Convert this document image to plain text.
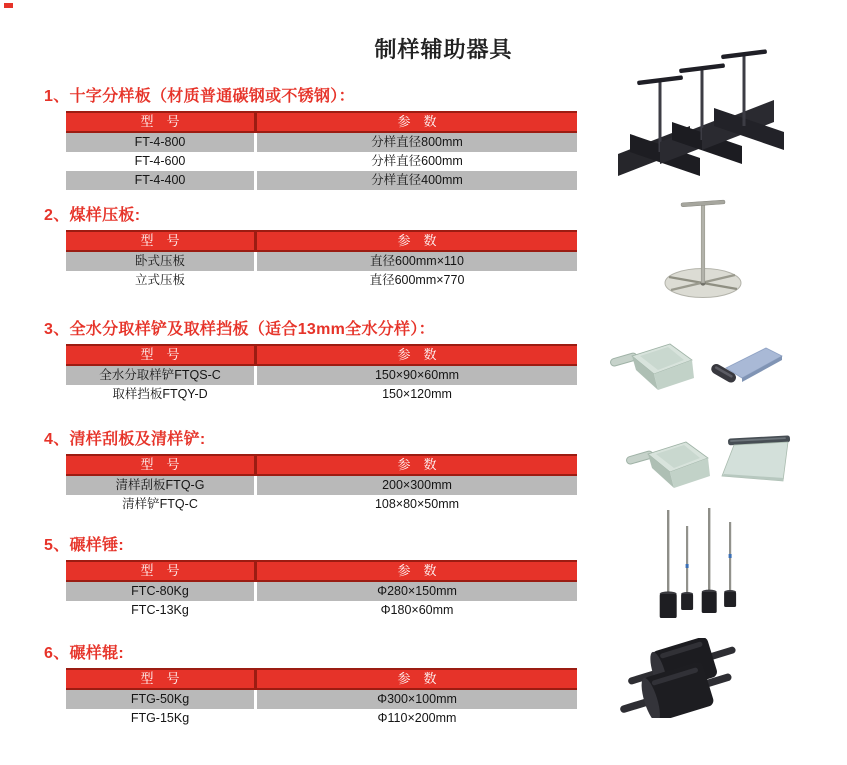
制样辅助器具
1、十字分样板（材质普通碳钢或不锈钢）：
型　号	参　数
FT-4-800	分样直径800mm
FT-4-600	分样直径600mm
FT-4-400	分样直径400mm
2、煤样压板:
型　号	参　数
卧式压板	直径600mm×110
立式压板	直径600mm×770
3、全水分取样铲及取样挡板（适合13mm全水分样）：
型　号	参　数
全水分取样铲FTQS-C	150×90×60mm
取样挡板FTQY-D	150×120mm
4、清样刮板及清样铲:
型　号	参　数
清样刮板FTQ-G	200×300mm
清样铲FTQ-C	108×80×50mm
5、碾样锤:
型　号	参　数
FTC-80Kg	Φ280×150mm
FTC-13Kg	Φ180×60mm
6、碾样辊:
型　号	参　数
FTG-50Kg	Φ300×100mm
FTG-15Kg	Φ110×200mm
